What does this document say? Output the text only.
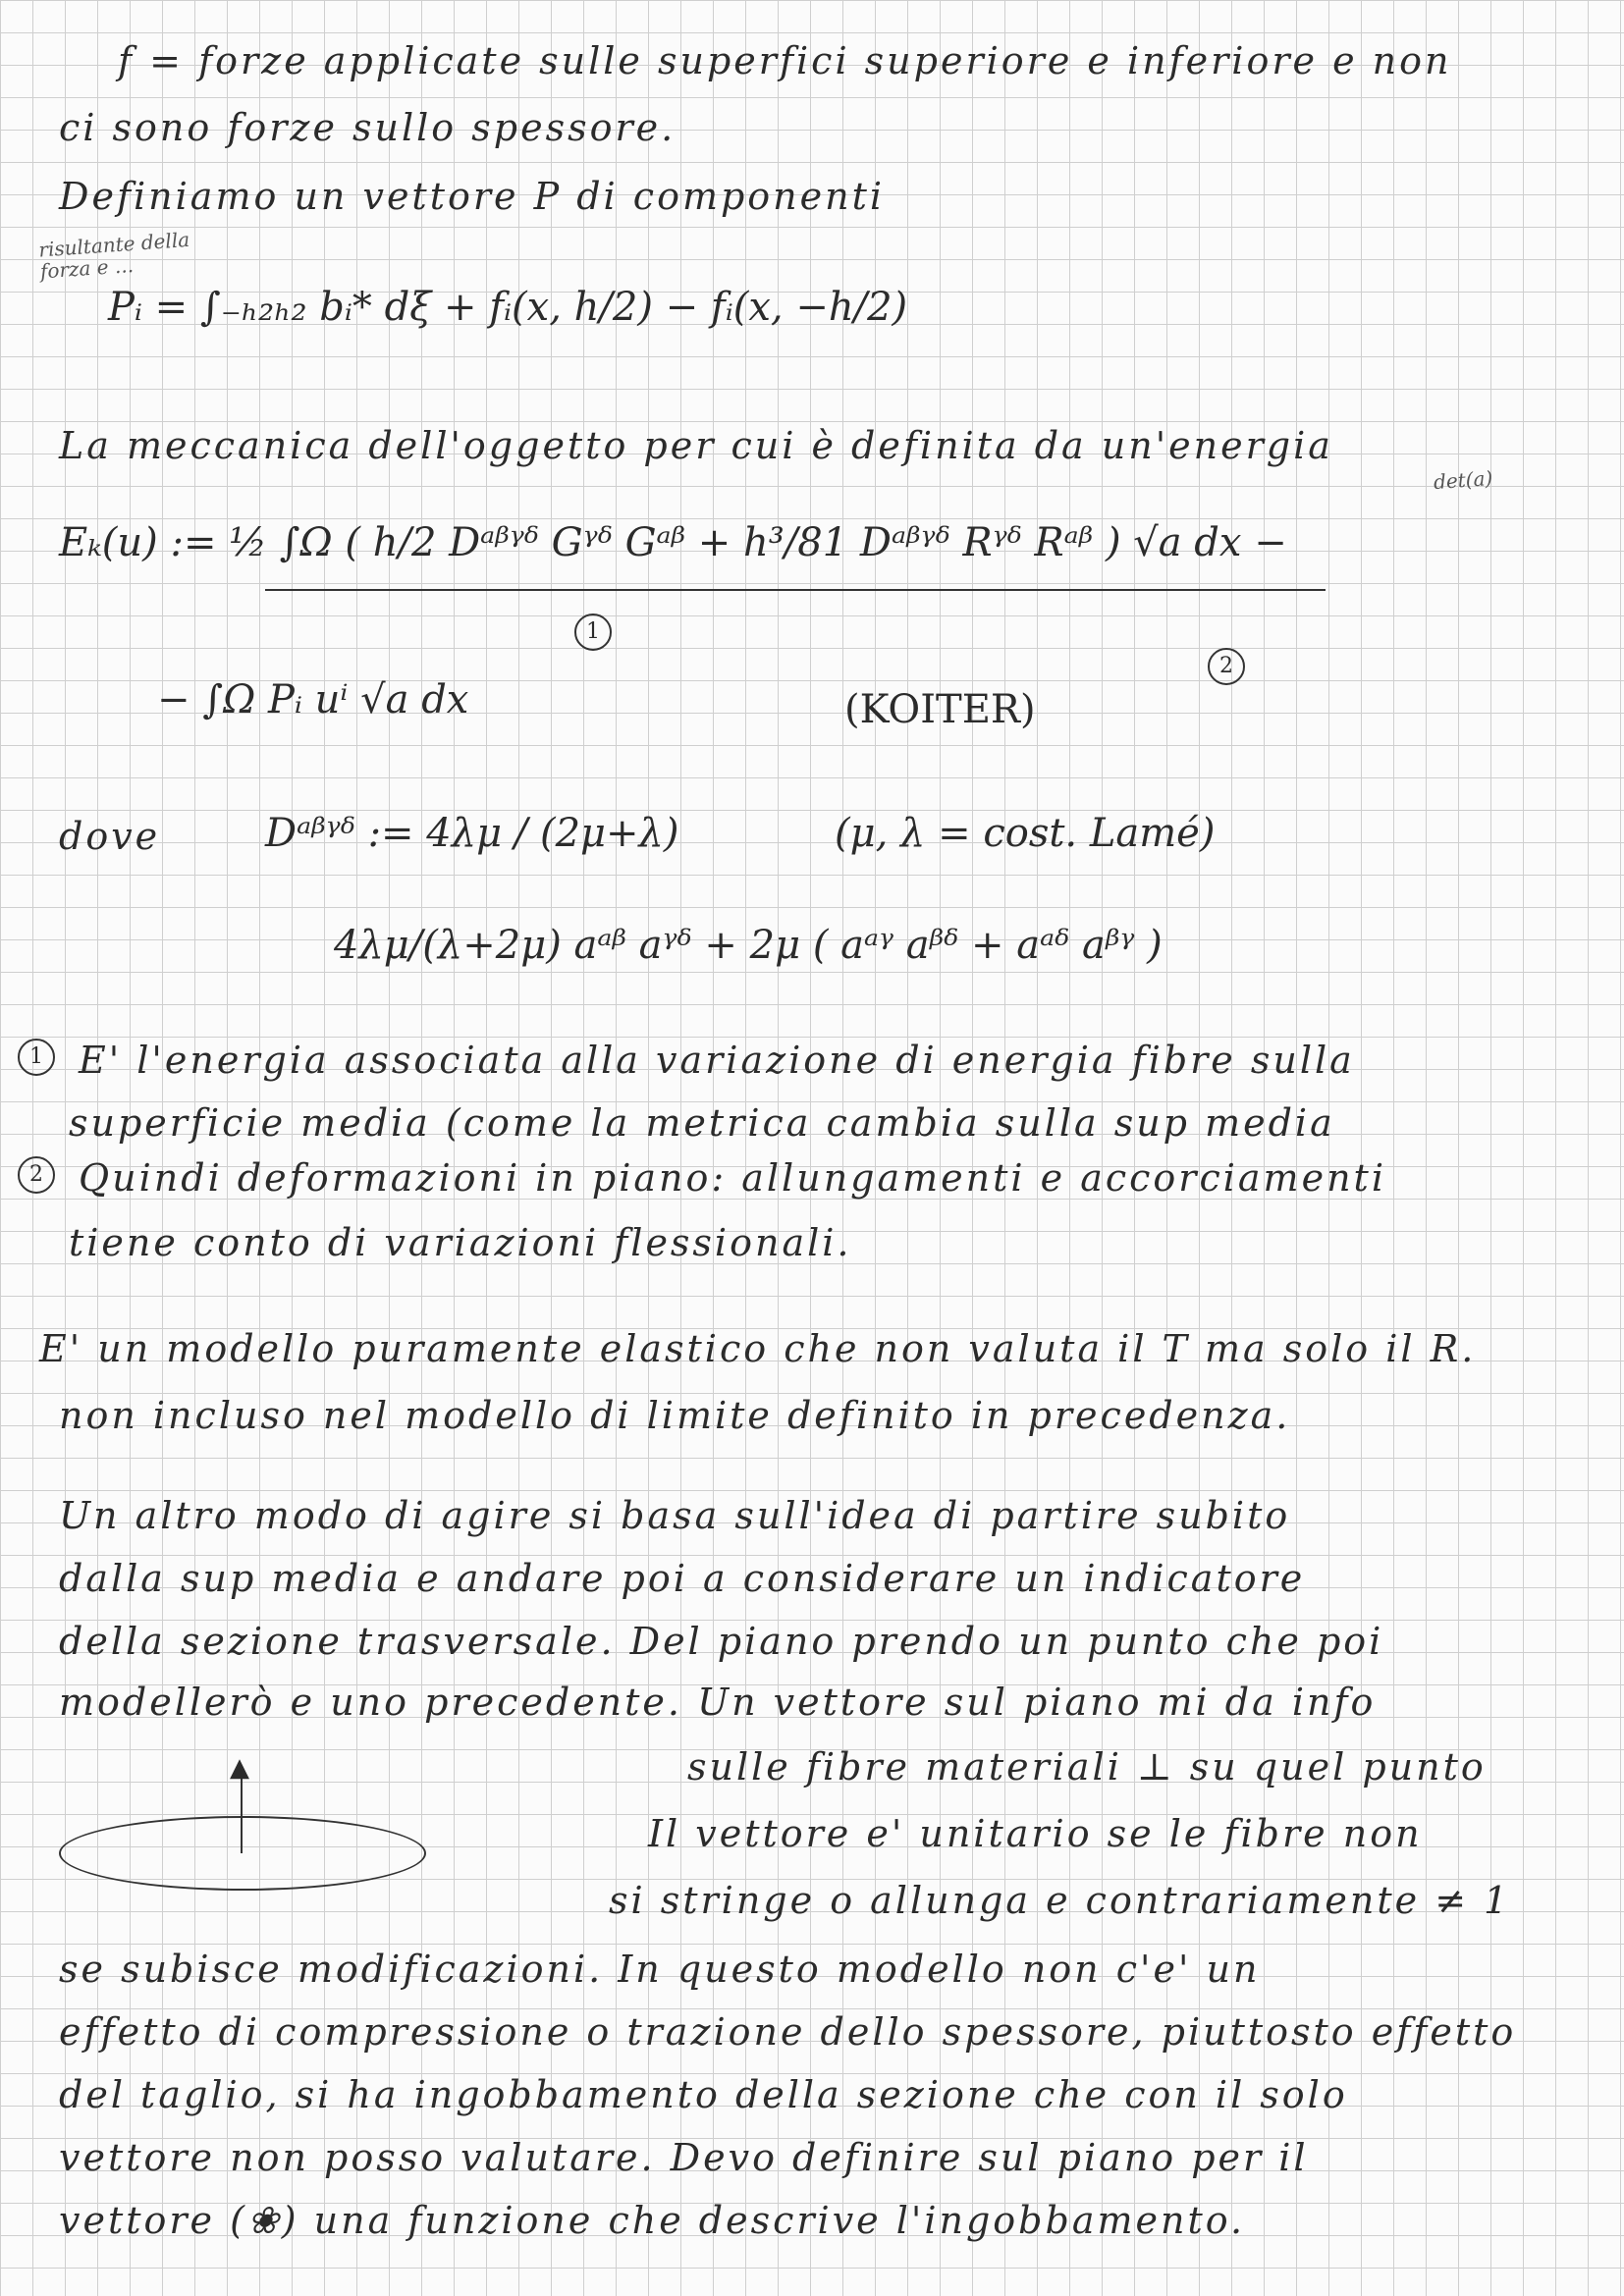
f = forze applicate sulle superfici superiore e inferiore e non
ci sono forze sullo spessore.
Definiamo un vettore P di componenti
risultante della forza e ...
Pᵢ = ∫₋ₕ₂ₕ₂ bᵢ* dξ + fᵢ(x, h/2) − fᵢ(x, −h/2)
La meccanica dell'oggetto per cui è definita da un'energia
det(a)
Eₖ(u) := ½ ∫Ω ( h/2 Dᵃᵝᵞᵟ Gᵞᵟ Gᵃᵝ + h³/81 Dᵃᵝᵞᵟ Rᵞᵟ Rᵃᵝ ) √a dx −
1
2
− ∫Ω Pᵢ uⁱ √a dx	(KOITER)
dove	Dᵃᵝᵞᵟ := 4λμ / (2μ+λ)	(μ, λ = cost. Lamé)
4λμ/(λ+2μ) aᵃᵝ aᵞᵟ + 2μ ( aᵃᵞ aᵝᵟ + aᵃᵟ aᵝᵞ )
1 E' l'energia associata alla variazione di energia fibre sulla
superficie media (come la metrica cambia sulla sup media
2 Quindi deformazioni in piano: allungamenti e accorciamenti
tiene conto di variazioni flessionali.
E' un modello puramente elastico che non valuta il T ma solo il R.
non incluso nel modello di limite definito in precedenza.
Un altro modo di agire si basa sull'idea di partire subito
dalla sup media e andare poi a considerare un indicatore
della sezione trasversale. Del piano prendo un punto che poi
modellerò e uno precedente. Un vettore sul piano mi da info
▲	sulle fibre materiali ⊥ su quel punto
Il vettore e' unitario se le fibre non
si stringe o allunga e contrariamente ≠ 1
se subisce modificazioni. In questo modello non c'e' un
effetto di compressione o trazione dello spessore, piuttosto effetto
del taglio, si ha ingobbamento della sezione che con il solo
vettore non posso valutare. Devo definire sul piano per il
vettore (❀) una funzione che descrive l'ingobbamento.
